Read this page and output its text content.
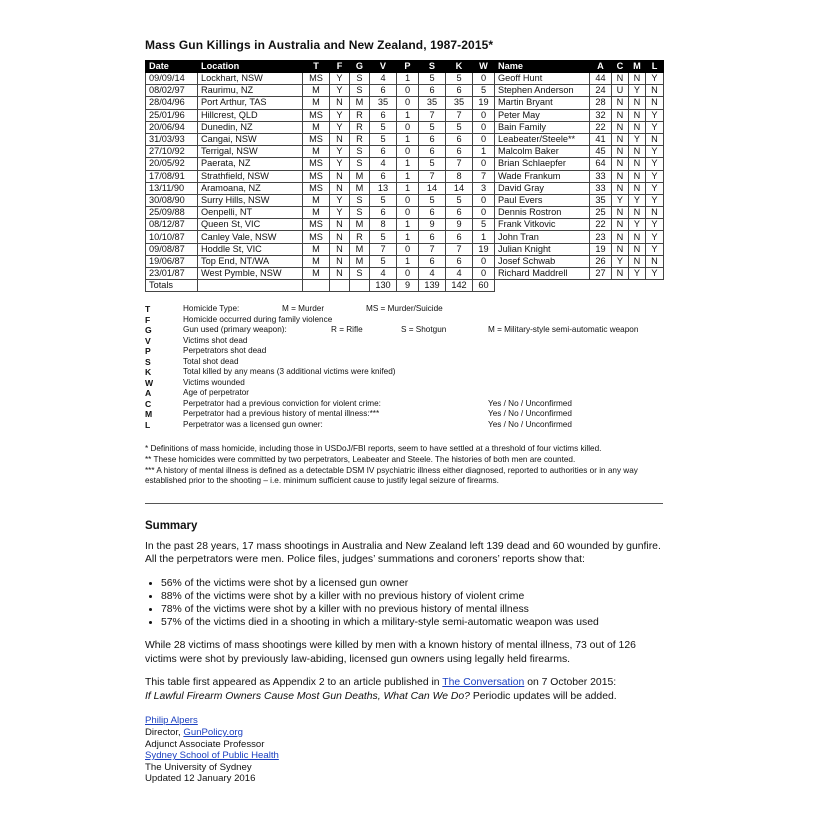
Mass Gun Killings in Australia and New Zealand, 1987-2015*
Date	Location	T	F	G	V	P	S	K	W	Name	A	C	M	L
09/09/14	Lockhart, NSW	MS	Y	S	4	1	5	5	0	Geoff Hunt	44	N	N	Y
08/02/97	Raurimu, NZ	M	Y	S	6	0	6	6	5	Stephen Anderson	24	U	Y	N
28/04/96	Port Arthur, TAS	M	N	M	35	0	35	35	19	Martin Bryant	28	N	N	N
25/01/96	Hillcrest, QLD	MS	Y	R	6	1	7	7	0	Peter May	32	N	N	Y
20/06/94	Dunedin, NZ	M	Y	R	5	0	5	5	0	Bain Family	22	N	N	Y
31/03/93	Cangai, NSW	MS	N	R	5	1	6	6	0	Leabeater/Steele**	41	N	Y	N
27/10/92	Terrigal, NSW	M	Y	S	6	0	6	6	1	Malcolm Baker	45	N	N	Y
20/05/92	Paerata, NZ	MS	Y	S	4	1	5	7	0	Brian Schlaepfer	64	N	N	Y
17/08/91	Strathfield, NSW	MS	N	M	6	1	7	8	7	Wade Frankum	33	N	N	Y
13/11/90	Aramoana, NZ	MS	N	M	13	1	14	14	3	David Gray	33	N	N	Y
30/08/90	Surry Hills, NSW	M	Y	S	5	0	5	5	0	Paul Evers	35	Y	Y	Y
25/09/88	Oenpelli, NT	M	Y	S	6	0	6	6	0	Dennis Rostron	25	N	N	N
08/12/87	Queen St, VIC	MS	N	M	8	1	9	9	5	Frank Vitkovic	22	N	Y	Y
10/10/87	Canley Vale, NSW	MS	N	R	5	1	6	6	1	John Tran	23	N	N	Y
09/08/87	Hoddle St, VIC	M	N	M	7	0	7	7	19	Julian Knight	19	N	N	Y
19/06/87	Top End, NT/WA	M	N	M	5	1	6	6	0	Josef Schwab	26	Y	N	N
23/01/87	West Pymble, NSW	M	N	S	4	0	4	4	0	Richard Maddrell	27	N	Y	Y
Totals					130	9	139	142	60					
T	Homicide Type:	M = Murder	MS = Murder/Suicide
F	Homicide occurred during family violence
G	Gun used (primary weapon):	R = Rifle	S = Shotgun	M = Military-style semi-automatic weapon
V	Victims shot dead
P	Perpetrators shot dead
S	Total shot dead
K	Total killed by any means (3 additional victims were knifed)
W	Victims wounded
A	Age of perpetrator
C	Perpetrator had a previous conviction for violent crime:	Yes / No / Unconfirmed
M	Perpetrator had a previous history of mental illness:***	Yes / No / Unconfirmed
L	Perpetrator was a licensed gun owner:	Yes / No / Unconfirmed

* Definitions of mass homicide, including those in USDoJ/FBI reports, seem to have settled at a threshold of four victims killed.

** These homicides were committed by two perpetrators, Leabeater and Steele. The histories of both men are counted.

*** A history of mental illness is defined as a detectable DSM IV psychiatric illness either diagnosed, reported to authorities or in any way established prior to the shooting – i.e. minimum sufficient cause to justify legal seizure of firearms.

Summary

In the past 28 years, 17 mass shootings in Australia and New Zealand left 139 dead and 60 wounded by gunfire. All the perpetrators were men. Police files, judges’ summations and coroners’ reports show that:

• 56% of the victims were shot by a licensed gun owner
• 88% of the victims were shot by a killer with no previous history of violent crime
• 78% of the victims were shot by a killer with no previous history of mental illness
• 57% of the victims died in a shooting in which a military-style semi-automatic weapon was used

While 28 victims of mass shootings were killed by men with a known history of mental illness, 73 out of 126 victims were shot by previously law-abiding, licensed gun owners using legally held firearms.

This table first appeared as Appendix 2 to an article published in The Conversation on 7 October 2015:
If Lawful Firearm Owners Cause Most Gun Deaths, What Can We Do? Periodic updates will be added.

Philip Alpers
Director, GunPolicy.org
Adjunct Associate Professor
Sydney School of Public Health
The University of Sydney
Updated 12 January 2016
